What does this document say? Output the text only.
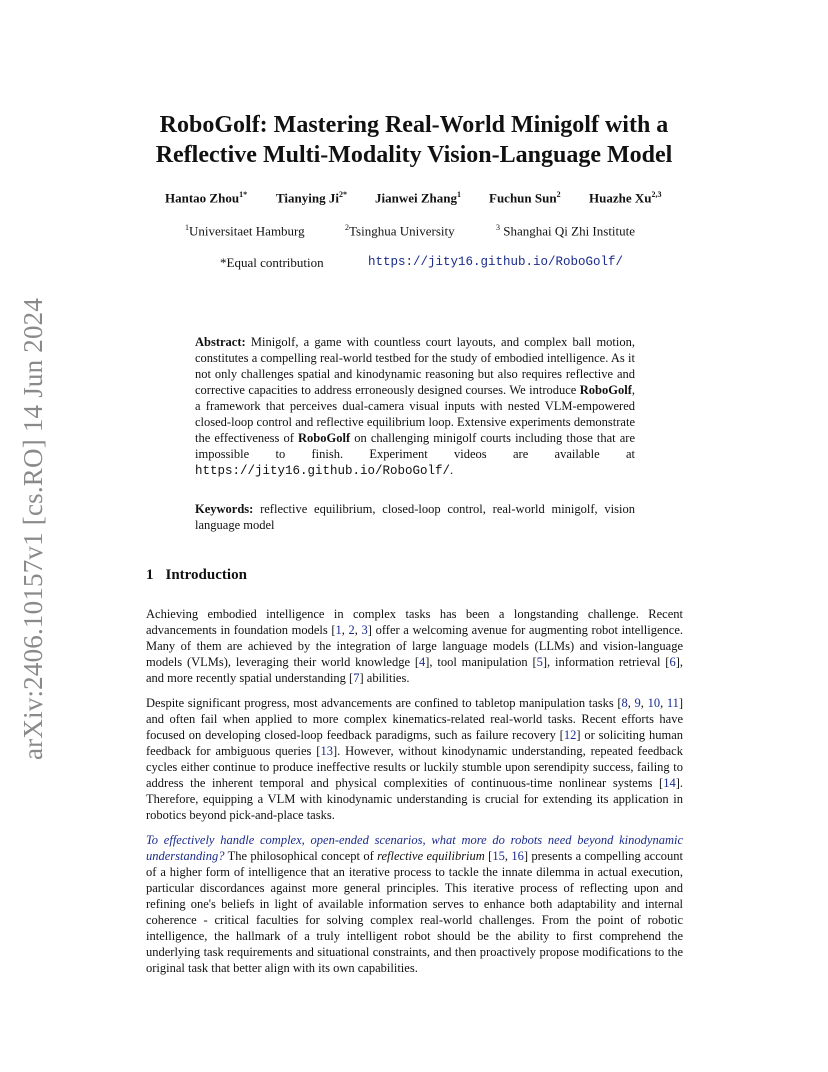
arXiv:2406.10157v1 [cs.RO] 14 Jun 2024
RoboGolf: Mastering Real-World Minigolf with a
Reflective Multi-Modality Vision-Language Model
Hantao Zhou$^{1*}$ Tianying $Ji^{2*}$ Jianwei Zhang$^1$ Fuchun Sun$^2$ Huazhe Xu$^{2,3}$
$^1$Universitaet Hamburg	$^2$Tsinghua University	$^3$ Shanghai Qi Zhi Institute
*Equal contribution	https://jity16.github.io/RoboGolf/
Abstract: Minigolf, a game with countless court layouts, and complex ball motion, constitutes a compelling real-world testbed for the study of embodied intelligence. As it not only challenges spatial and kinodynamic reasoning but also requires reflective and corrective capacities to address erroneously designed courses. We introduce RoboGolf, a framework that perceives dual-camera visual inputs with nested VLM-empowered closed-loop control and reflective equilibrium loop. Extensive experiments demonstrate the effectiveness of RoboGolf on challenging minigolf courts including those that are impossible to finish. Experiment videos are available at https://jity16.github.io/RoboGolf/.
Keywords: reflective equilibrium, closed-loop control, real-world minigolf, vision language model
1 Introduction

Achieving embodied intelligence in complex tasks has been a longstanding challenge. Recent advancements in foundation models [1, 2, 3] offer a welcoming avenue for augmenting robot intelligence. Many of them are achieved by the integration of large language models (LLMs) and vision-language models (VLMs), leveraging their world knowledge [4], tool manipulation [5], information retrieval [6], and more recently spatial understanding [7] abilities.

Despite significant progress, most advancements are confined to tabletop manipulation tasks [8, 9, 10, 11] and often fail when applied to more complex kinematics-related real-world tasks. Recent efforts have focused on developing closed-loop feedback paradigms, such as failure recovery [12] or soliciting human feedback for ambiguous queries [13]. However, without kinodynamic understanding, repeated feedback cycles either continue to produce ineffective results or luckily stumble upon serendipity success, failing to address the inherent temporal and physical complexities of continuous-time nonlinear systems [14]. Therefore, equipping a VLM with kinodynamic understanding is crucial for extending its application in robotics beyond pick-and-place tasks.

To effectively handle complex, open-ended scenarios, what more do robots need beyond kinodynamic understanding? The philosophical concept of reflective equilibrium [15, 16] presents a compelling account of a higher form of intelligence that an iterative process to tackle the innate dilemma in actual execution, particular discordances against more general principles. This iterative process of reflecting upon and refining one's beliefs in light of available information serves to enhance both adaptability and internal coherence - critical faculties for solving complex real-world challenges. From the point of robotic intelligence, the hallmark of a truly intelligent robot should be the ability to first comprehend the underlying task requirements and situational constraints, and then proactively propose modifications to the original task that better align with its own capabilities.
